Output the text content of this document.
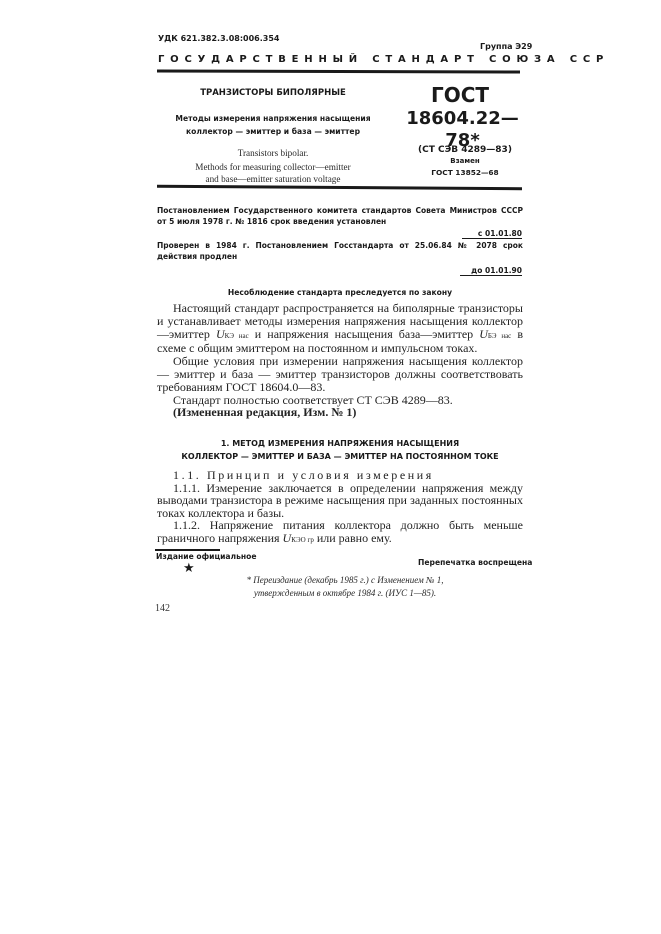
УДК 621.382.3.08:006.354
Группа Э29
ГОСУДАРСТВЕННЫЙ СТАНДАРТ СОЮЗА ССР
ТРАНЗИСТОРЫ БИПОЛЯРНЫЕ
Методы измерения напряжения насыщения
коллектор — эмиттер и база — эмиттер
Transistors bipolar.
Methods for measuring collector—emitter
and base—emitter saturation voltage
ГОСТ
18604.22—78*
(СТ СЭВ 4289—83)
Взамен
ГОСТ 13852—68
Постановлением Государственного комитета стандартов Совета Министров СССР от 5 июля 1978 г. № 1816 срок введения установлен
с 01.01.80
Проверен в 1984 г. Постановлением Госстандарта от 25.06.84 № 2078 срок действия продлен
до 01.01.90
Несоблюдение стандарта преследуется по закону

Настоящий стандарт распространяется на биполярные транзисторы и устанавливает методы измерения напряжения насыщения коллектор—эмиттер UКЭ нас и напряжения насыщения база—эмиттер UБЭ нас в схеме с общим эмиттером на постоянном и импульсном токах.

Общие условия при измерении напряжения насыщения коллектор — эмиттер и база — эмиттер транзисторов должны соответствовать требованиям ГОСТ 18604.0—83.

Стандарт полностью соответствует СТ СЭВ 4289—83.

(Измененная редакция, Изм. № 1)

1. МЕТОД ИЗМЕРЕНИЯ НАПРЯЖЕНИЯ НАСЫЩЕНИЯ
КОЛЛЕКТОР — ЭМИТТЕР И БАЗА — ЭМИТТЕР НА ПОСТОЯННОМ ТОКЕ

1.1. Принцип и условия измерения

1.1.1. Измерение заключается в определении напряжения между выводами транзистора в режиме насыщения при заданных постоянных токах коллектора и базы.

1.1.2. Напряжение питания коллектора должно быть меньше граничного напряжения UКЭО гр или равно ему.

Издание официальное
Перепечатка воспрещена
★
* Переиздание (декабрь 1985 г.) с Изменением № 1,
утвержденным в октябре 1984 г. (ИУС 1—85).
142
